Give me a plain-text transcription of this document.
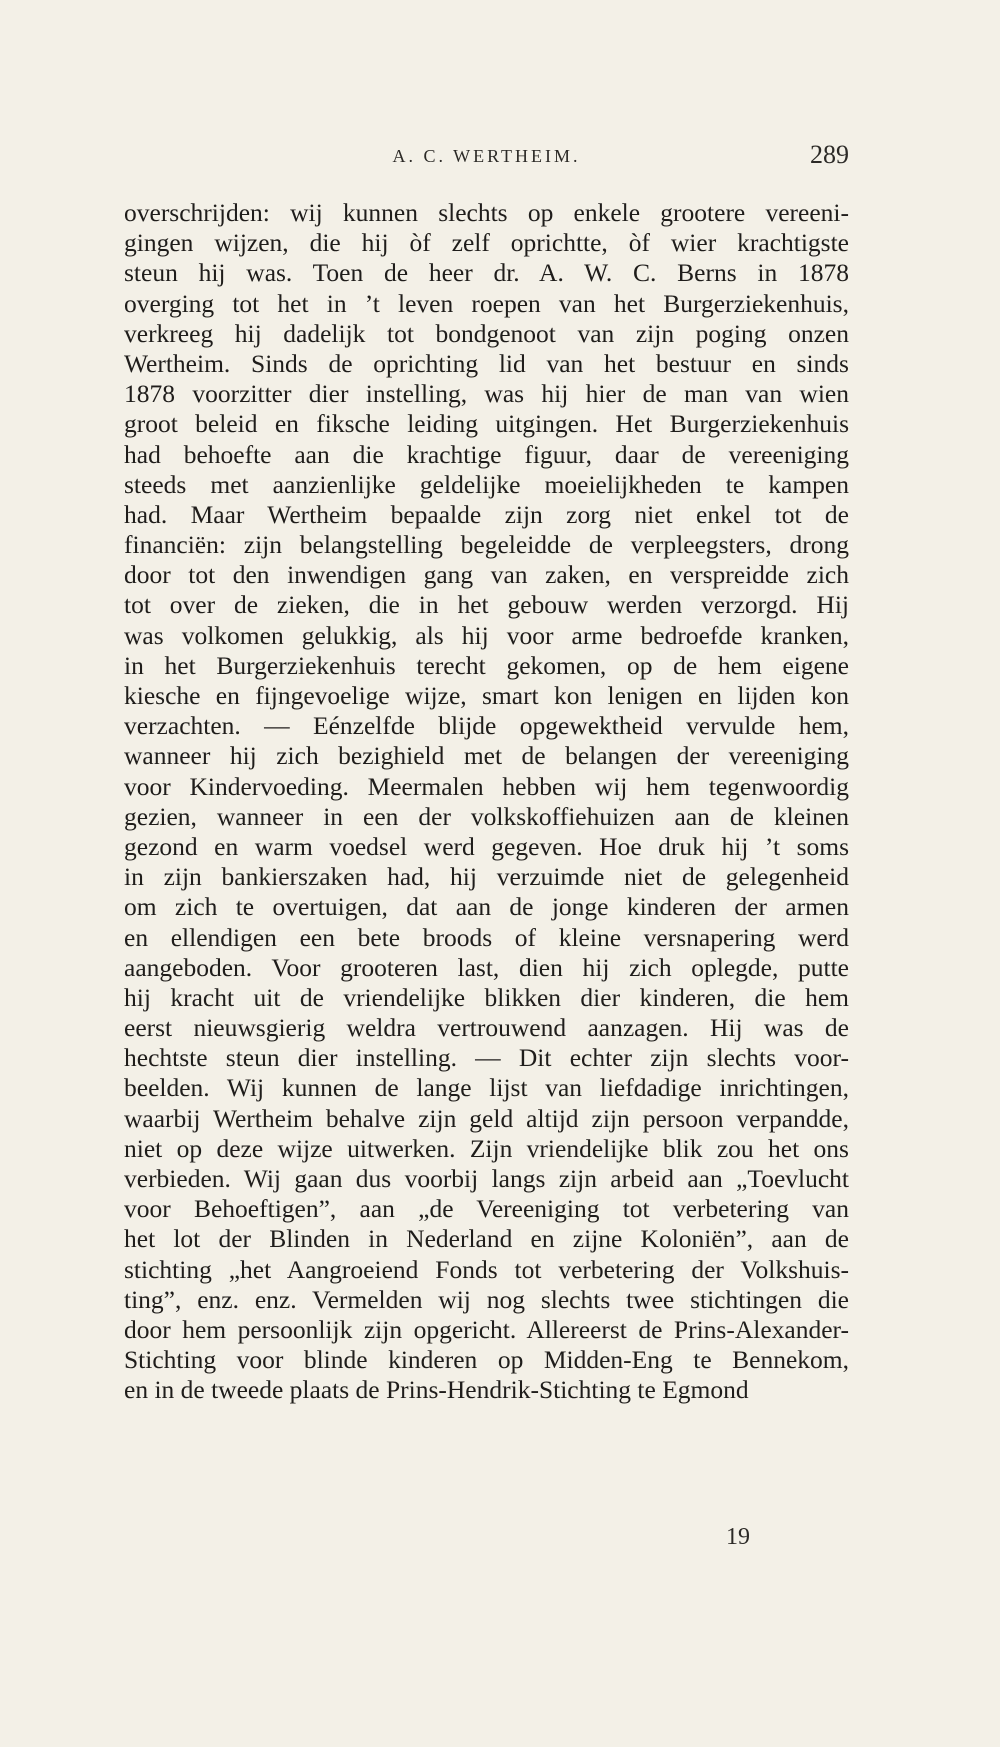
A. C. WERTHEIM.	289
overschrijden: wij kunnen slechts op enkele grootere vereeni-
gingen wijzen, die hij òf zelf oprichtte, òf wier krachtigste
steun hij was. Toen de heer dr. A. W. C. Berns in 1878
overging tot het in ’t leven roepen van het Burgerziekenhuis,
verkreeg hij dadelijk tot bondgenoot van zijn poging onzen
Wertheim. Sinds de oprichting lid van het bestuur en sinds
1878 voorzitter dier instelling, was hij hier de man van wien
groot beleid en fiksche leiding uitgingen. Het Burgerziekenhuis
had behoefte aan die krachtige figuur, daar de vereeniging
steeds met aanzienlijke geldelijke moeielijkheden te kampen
had. Maar Wertheim bepaalde zijn zorg niet enkel tot de
financiën: zijn belangstelling begeleidde de verpleegsters, drong
door tot den inwendigen gang van zaken, en verspreidde zich
tot over de zieken, die in het gebouw werden verzorgd. Hij
was volkomen gelukkig, als hij voor arme bedroefde kranken,
in het Burgerziekenhuis terecht gekomen, op de hem eigene
kiesche en fijngevoelige wijze, smart kon lenigen en lijden kon
verzachten. — Eénzelfde blijde opgewektheid vervulde hem,
wanneer hij zich bezighield met de belangen der vereeniging
voor Kindervoeding. Meermalen hebben wij hem tegenwoordig
gezien, wanneer in een der volkskoffiehuizen aan de kleinen
gezond en warm voedsel werd gegeven. Hoe druk hij ’t soms
in zijn bankierszaken had, hij verzuimde niet de gelegenheid
om zich te overtuigen, dat aan de jonge kinderen der armen
en ellendigen een bete broods of kleine versnapering werd
aangeboden. Voor grooteren last, dien hij zich oplegde, putte
hij kracht uit de vriendelijke blikken dier kinderen, die hem
eerst nieuwsgierig weldra vertrouwend aanzagen. Hij was de
hechtste steun dier instelling. — Dit echter zijn slechts voor-
beelden. Wij kunnen de lange lijst van liefdadige inrichtingen,
waarbij Wertheim behalve zijn geld altijd zijn persoon verpandde,
niet op deze wijze uitwerken. Zijn vriendelijke blik zou het ons
verbieden. Wij gaan dus voorbij langs zijn arbeid aan „Toevlucht
voor Behoeftigen”, aan „de Vereeniging tot verbetering van
het lot der Blinden in Nederland en zijne Koloniën”, aan de
stichting „het Aangroeiend Fonds tot verbetering der Volkshuis-
ting”, enz. enz. Vermelden wij nog slechts twee stichtingen die
door hem persoonlijk zijn opgericht. Allereerst de Prins-Alexander-
Stichting voor blinde kinderen op Midden-Eng te Bennekom,
en in de tweede plaats de Prins-Hendrik-Stichting te Egmond
19
